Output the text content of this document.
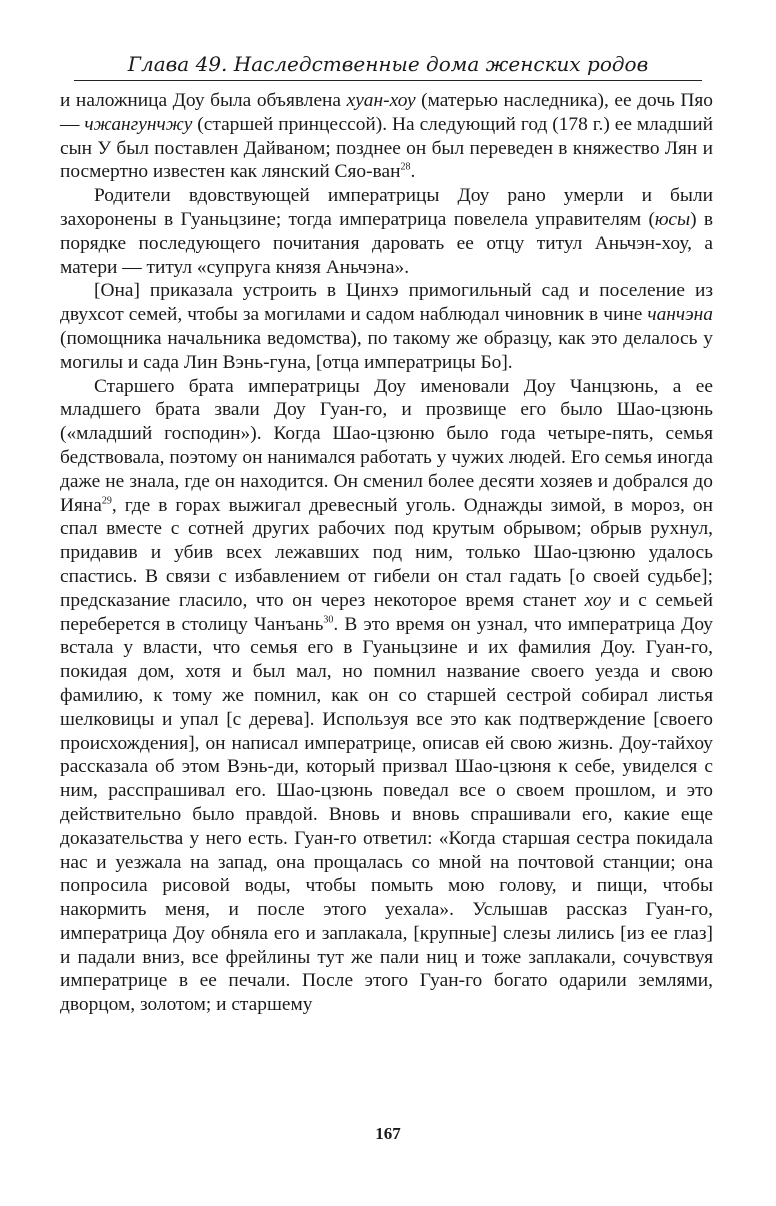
Глава 49. Наследственные дома женских родов

и наложница Доу была объявлена хуан-хоу (матерью наследника), ее дочь Пяо — чжангунчжу (старшей принцессой). На следующий год (178 г.) ее младший сын У был поставлен Дайваном; позднее он был переведен в княжество Лян и посмертно известен как лянский Сяо-ван$^{28}$.

Родители вдовствующей императрицы Доу рано умерли и были захоронены в Гуаньцзине; тогда императрица повелела управителям (юсы) в порядке последующего почитания даровать ее отцу титул Аньчэн-хоу, а матери — титул «супруга князя Аньчэна».

[Она] приказала устроить в Цинхэ примогильный сад и поселение из двухсот семей, чтобы за могилами и садом наблюдал чиновник в чине чанчэна (помощника начальника ведомства), по такому же образцу, как это делалось у могилы и сада Лин Вэнь-гуна, [отца императрицы Бо].

Старшего брата императрицы Доу именовали Доу Чанцзюнь, а ее младшего брата звали Доу Гуан-го, и прозвище его было Шао-цзюнь («младший господин»). Когда Шао-цзюню было года четыре-пять, семья бедствовала, поэтому он нанимался работать у чужих людей. Его семья иногда даже не знала, где он находится. Он сменил более десяти хозяев и добрался до Ияна$^{29}$, где в горах выжигал древесный уголь. Однажды зимой, в мороз, он спал вместе с сотней других рабочих под крутым обрывом; обрыв рухнул, придавив и убив всех лежавших под ним, только Шао-цзюню удалось спастись. В связи с избавлением от гибели он стал гадать [о своей судьбе]; предсказание гласило, что он через некоторое время станет хоу и с семьей переберется в столицу Чанъань$^{30}$. В это время он узнал, что императрица Доу встала у власти, что семья его в Гуаньцзине и их фамилия Доу. Гуан-го, покидая дом, хотя и был мал, но помнил название своего уезда и свою фамилию, к тому же помнил, как он со старшей сестрой собирал листья шелковицы и упал [с дерева]. Используя все это как подтверждение [своего происхождения], он написал императрице, описав ей свою жизнь. Доу-тайхоу рассказала об этом Вэнь-ди, который призвал Шао-цзюня к себе, увиделся с ним, расспрашивал его. Шао-цзюнь поведал все о своем прошлом, и это действительно было правдой. Вновь и вновь спрашивали его, какие еще доказательства у него есть. Гуан-го ответил: «Когда старшая сестра покидала нас и уезжала на запад, она прощалась со мной на почтовой станции; она попросила рисовой воды, чтобы помыть мою голову, и пищи, чтобы накормить меня, и после этого уехала». Услышав рассказ Гуан-го, императрица Доу обняла его и заплакала, [крупные] слезы лились [из ее глаз] и падали вниз, все фрейлины тут же пали ниц и тоже заплакали, сочувствуя императрице в ее печали. После этого Гуан-го богато одарили землями, дворцом, золотом; и старшему

167
